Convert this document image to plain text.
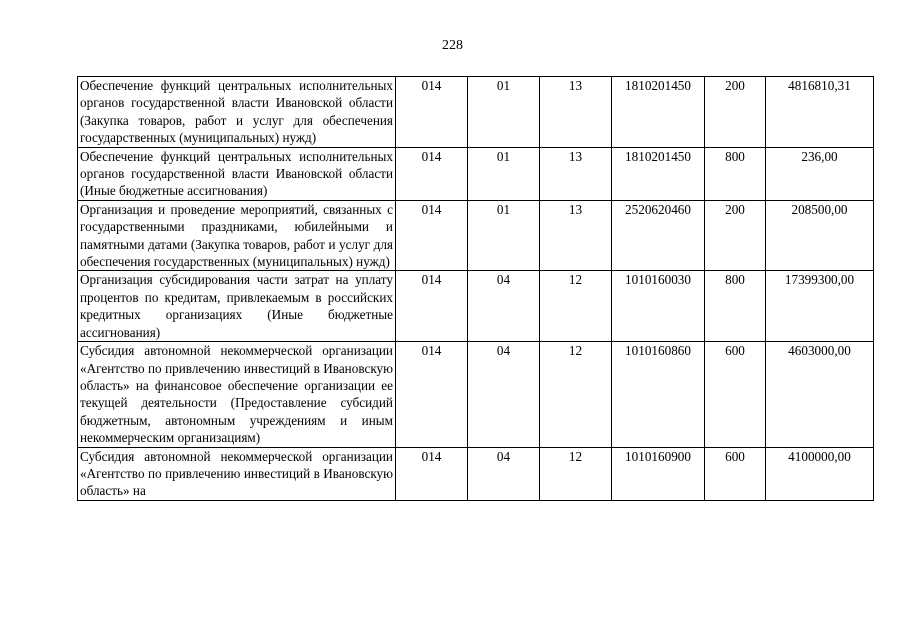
228
Обеспечение функций центральных исполнительных органов государственной власти Ивановской области (Закупка товаров, работ и услуг для обеспечения государственных (муниципальных) нужд)	014	01	13	1810201450	200	4816810,31
Обеспечение функций центральных исполнительных органов государственной власти Ивановской области (Иные бюджетные ассигнования)	014	01	13	1810201450	800	236,00
Организация и проведение мероприятий, связанных с государственными праздниками, юбилейными и памятными датами (Закупка товаров, работ и услуг для обеспечения государственных (муниципальных) нужд)	014	01	13	2520620460	200	208500,00
Организация субсидирования части затрат на уплату процентов по кредитам, привлекаемым в российских кредитных организациях (Иные бюджетные ассигнования)	014	04	12	1010160030	800	17399300,00
Субсидия автономной некоммерческой организации «Агентство по привлечению инвестиций в Ивановскую область» на финансовое обеспечение организации ее текущей деятельности (Предоставление субсидий бюджетным, автономным учреждениям и иным некоммерческим организациям)	014	04	12	1010160860	600	4603000,00
Субсидия автономной некоммерческой организации «Агентство по привлечению инвестиций в Ивановскую область» на	014	04	12	1010160900	600	4100000,00
